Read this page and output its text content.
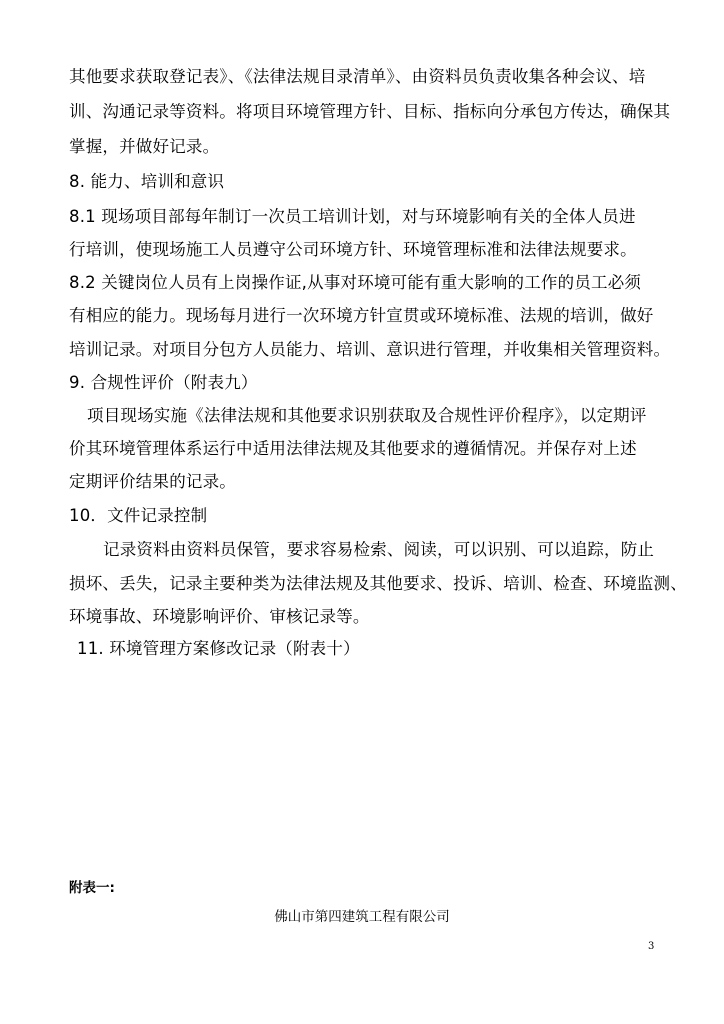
其他要求获取登记表》、《法律法规目录清单》、由资料员负责收集各种会议、培
训、沟通记录等资料。将项目环境管理方针、目标、指标向分承包方传达，确保其
掌握，并做好记录。
8. 能力、培训和意识
8.1 现场项目部每年制订一次员工培训计划，对与环境影响有关的全体人员进
行培训，使现场施工人员遵守公司环境方针、环境管理标准和法律法规要求。
8.2 关键岗位人员有上岗操作证,从事对环境可能有重大影响的工作的员工必须
有相应的能力。现场每月进行一次环境方针宣贯或环境标准、法规的培训，做好
培训记录。对项目分包方人员能力、培训、意识进行管理，并收集相关管理资料。
9. 合规性评价（附表九）
项目现场实施《法律法规和其他要求识别获取及合规性评价程序》，以定期评
价其环境管理体系运行中适用法律法规及其他要求的遵循情况。并保存对上述
定期评价结果的记录。
10．文件记录控制
记录资料由资料员保管，要求容易检索、阅读，可以识别、可以追踪，防止
损坏、丢失，记录主要种类为法律法规及其他要求、投诉、培训、检查、环境监测、
环境事故、环境影响评价、审核记录等。
11. 环境管理方案修改记录（附表十）
附表一:
佛山市第四建筑工程有限公司
3
